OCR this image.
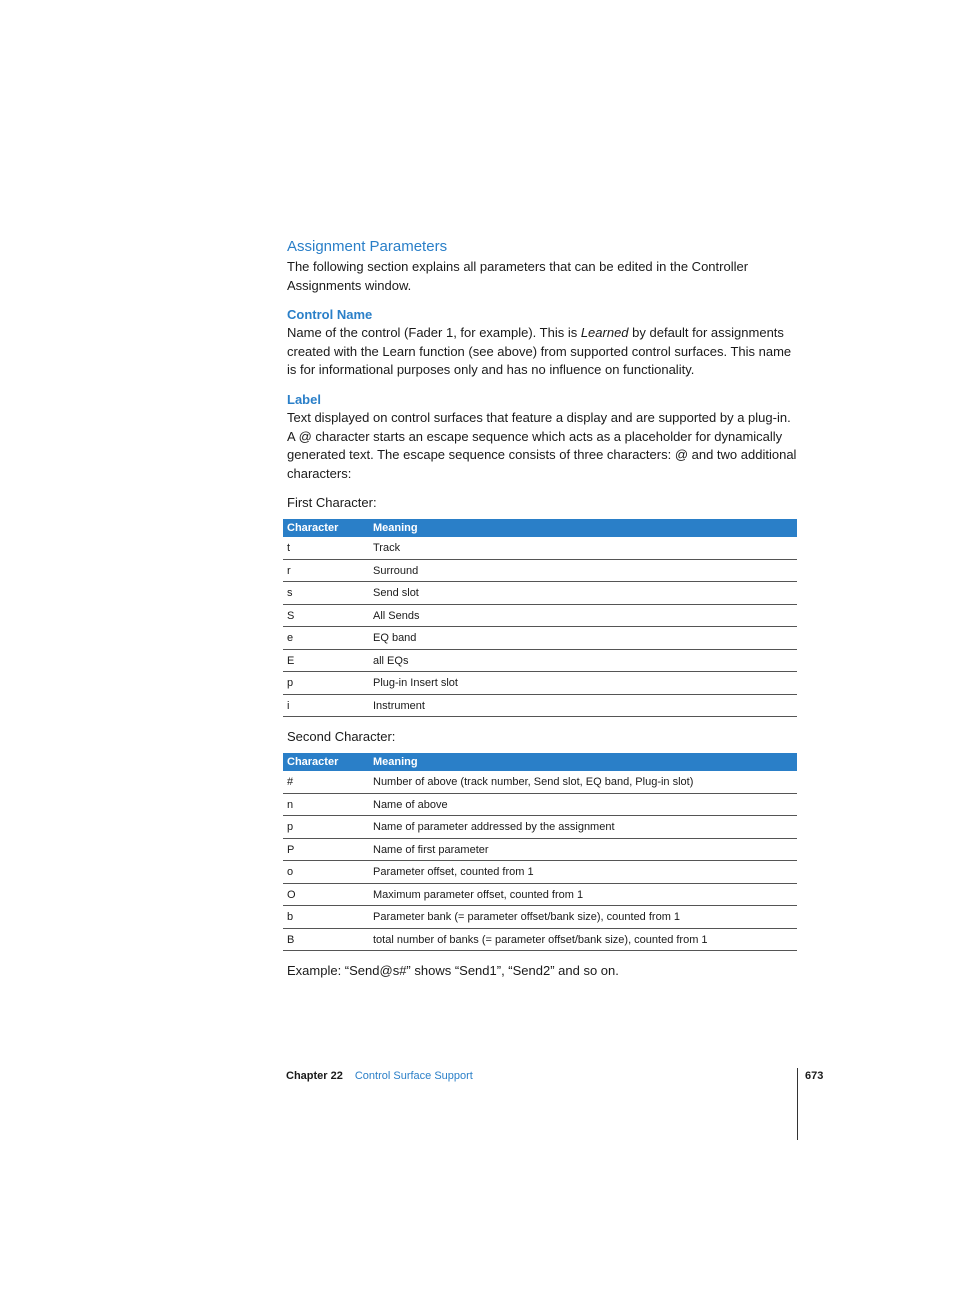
Assignment Parameters

The following section explains all parameters that can be edited in the Controller Assignments window.

Control Name

Name of the control (Fader 1, for example). This is Learned by default for assignments created with the Learn function (see above) from supported control surfaces. This name is for informational purposes only and has no influence on functionality.

Label

Text displayed on control surfaces that feature a display and are supported by a plug-in. A @ character starts an escape sequence which acts as a placeholder for dynamically generated text. The escape sequence consists of three characters: @ and two additional characters:

First Character:

Character	Meaning
t	Track
r	Surround
s	Send slot
S	All Sends
e	EQ band
E	all EQs
p	Plug-in Insert slot
i	Instrument

Second Character:

Character	Meaning
#	Number of above (track number, Send slot, EQ band, Plug-in slot)
n	Name of above
p	Name of parameter addressed by the assignment
P	Name of first parameter
o	Parameter offset, counted from 1
O	Maximum parameter offset, counted from 1
b	Parameter bank (= parameter offset/bank size), counted from 1
B	total number of banks (= parameter offset/bank size), counted from 1

Example: “Send@s#” shows “Send1”, “Send2” and so on.

Chapter 22 Control Surface Support	673
